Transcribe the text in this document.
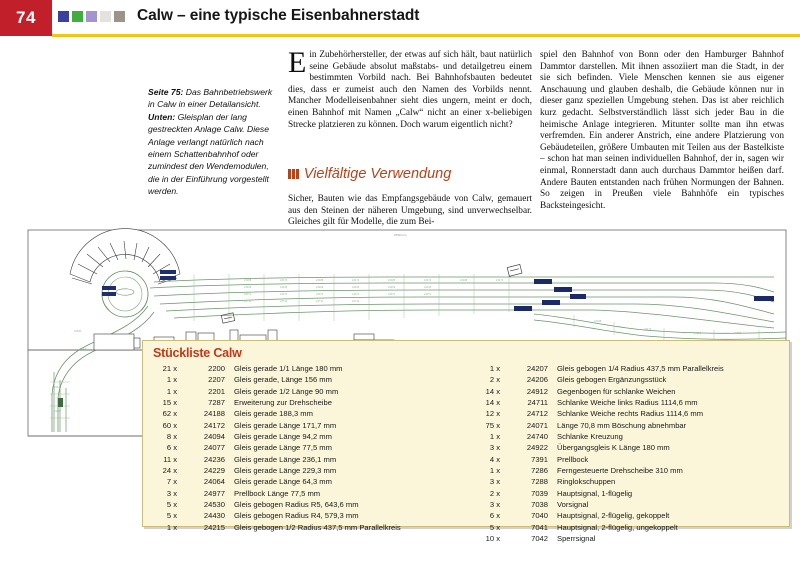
74	Calw – eine typische Eisenbahnerstadt
Seite 75: Das Bahnbetriebswerk in Calw in einer Detailansicht. Unten: Gleisplan der lang gestreckten Anlage Calw. Diese Anlage verlangt natürlich nach einem Schattenbahnhof oder zumindest den Wendemodulen, die in der Einführung vorgestellt werden.
Ein Zubehörhersteller, der etwas auf sich hält, baut natürlich seine Gebäude absolut maßstabs- und detailgetreu einem bestimmten Vorbild nach. Bei Bahnhofsbauten bedeutet dies, dass er zumeist auch den Namen des Vorbilds nennt. Mancher Modelleisenbahner sieht dies ungern, meint er doch, einen Bahnhof mit Namen „Calw“ nicht an einer x-beliebigen Strecke platzieren zu können. Doch warum eigentlich nicht?
Vielfältige Verwendung
Sicher, Bauten wie das Empfangsgebäude von Calw, gemauert aus den Steinen der näheren Umgebung, sind unverwechselbar. Gleiches gilt für Modelle, die zum Bei-
spiel den Bahnhof von Bonn oder den Hamburger Bahnhof Dammtor darstellen. Mit ihnen assoziiert man die Stadt, in der sie sich befinden. Viele Menschen kennen sie aus eigener Anschauung und glauben deshalb, die Gebäude können nur in dieser ganz speziellen Umgebung stehen. Das ist aber reichlich kurz gedacht. Selbstverständlich lässt sich jeder Bau in die heimische Anlage integrieren. Mitunter sollte man ihn etwas verfremden. Ein anderer Anstrich, eine andere Platzierung von Gebäudeteilen, größere Umbauten mit Teilen aus der Bastelkiste – schon hat man seinen individuellen Bahnhof, der in, sagen wir einmal, Ronnerstadt dann auch durchaus Dammtor heißen darf. Andere Bauten entstanden nach frühen Normungen der Bahnen. So zeigen in Preußen viele Bahnhöfe ein typisches Backsteingesicht.
24188	24172	24188	24172	24188	24172	24188	24172
24229	24236	24229	24236	24229	24236
24071	24071	24071	24071	24071	24071
24711	24712	24711	24712
24530
24430
24215
24207
24188
24172
24229	24236
3750 mm
Stückliste Calw
21 x	2200	Gleis gerade 1/1 Länge 180 mm
1 x	2207	Gleis gerade, Länge 156 mm
1 x	2201	Gleis gerade 1/2 Länge 90 mm
15 x	7287	Erweiterung zur Drehscheibe
62 x	24188	Gleis gerade 188,3 mm
60 x	24172	Gleis gerade Länge 171,7 mm
8 x	24094	Gleis gerade Länge 94,2 mm
6 x	24077	Gleis gerade Länge 77,5 mm
11 x	24236	Gleis gerade Länge 236,1 mm
24 x	24229	Gleis gerade Länge 229,3 mm
7 x	24064	Gleis gerade Länge 64,3 mm
3 x	24977	Prellbock Länge 77,5 mm
5 x	24530	Gleis gebogen Radius R5, 643,6 mm
5 x	24430	Gleis gebogen Radius R4, 579,3 mm
1 x	24215	Gleis gebogen 1/2 Radius 437,5 mm Parallelkreis
1 x	24207	Gleis gebogen 1/4 Radius 437,5 mm Parallelkreis
2 x	24206	Gleis gebogen Ergänzungsstück
14 x	24912	Gegenbogen für schlanke Weichen
14 x	24711	Schlanke Weiche links Radius 1114,6 mm
12 x	24712	Schlanke Weiche rechts Radius 1114,6 mm
75 x	24071	Länge 70,8 mm Böschung abnehmbar
1 x	24740	Schlanke Kreuzung
3 x	24922	Übergangsgleis K Länge 180 mm
4 x	7391	Prellbock
1 x	7286	Ferngesteuerte Drehscheibe 310 mm
3 x	7288	Ringlokschuppen
2 x	7039	Hauptsignal, 1-flügelig
3 x	7038	Vorsignal
6 x	7040	Hauptsignal, 2-flügelig, gekoppelt
5 x	7041	Hauptsignal, 2-flügelig, ungekoppelt
10 x	7042	Sperrsignal
